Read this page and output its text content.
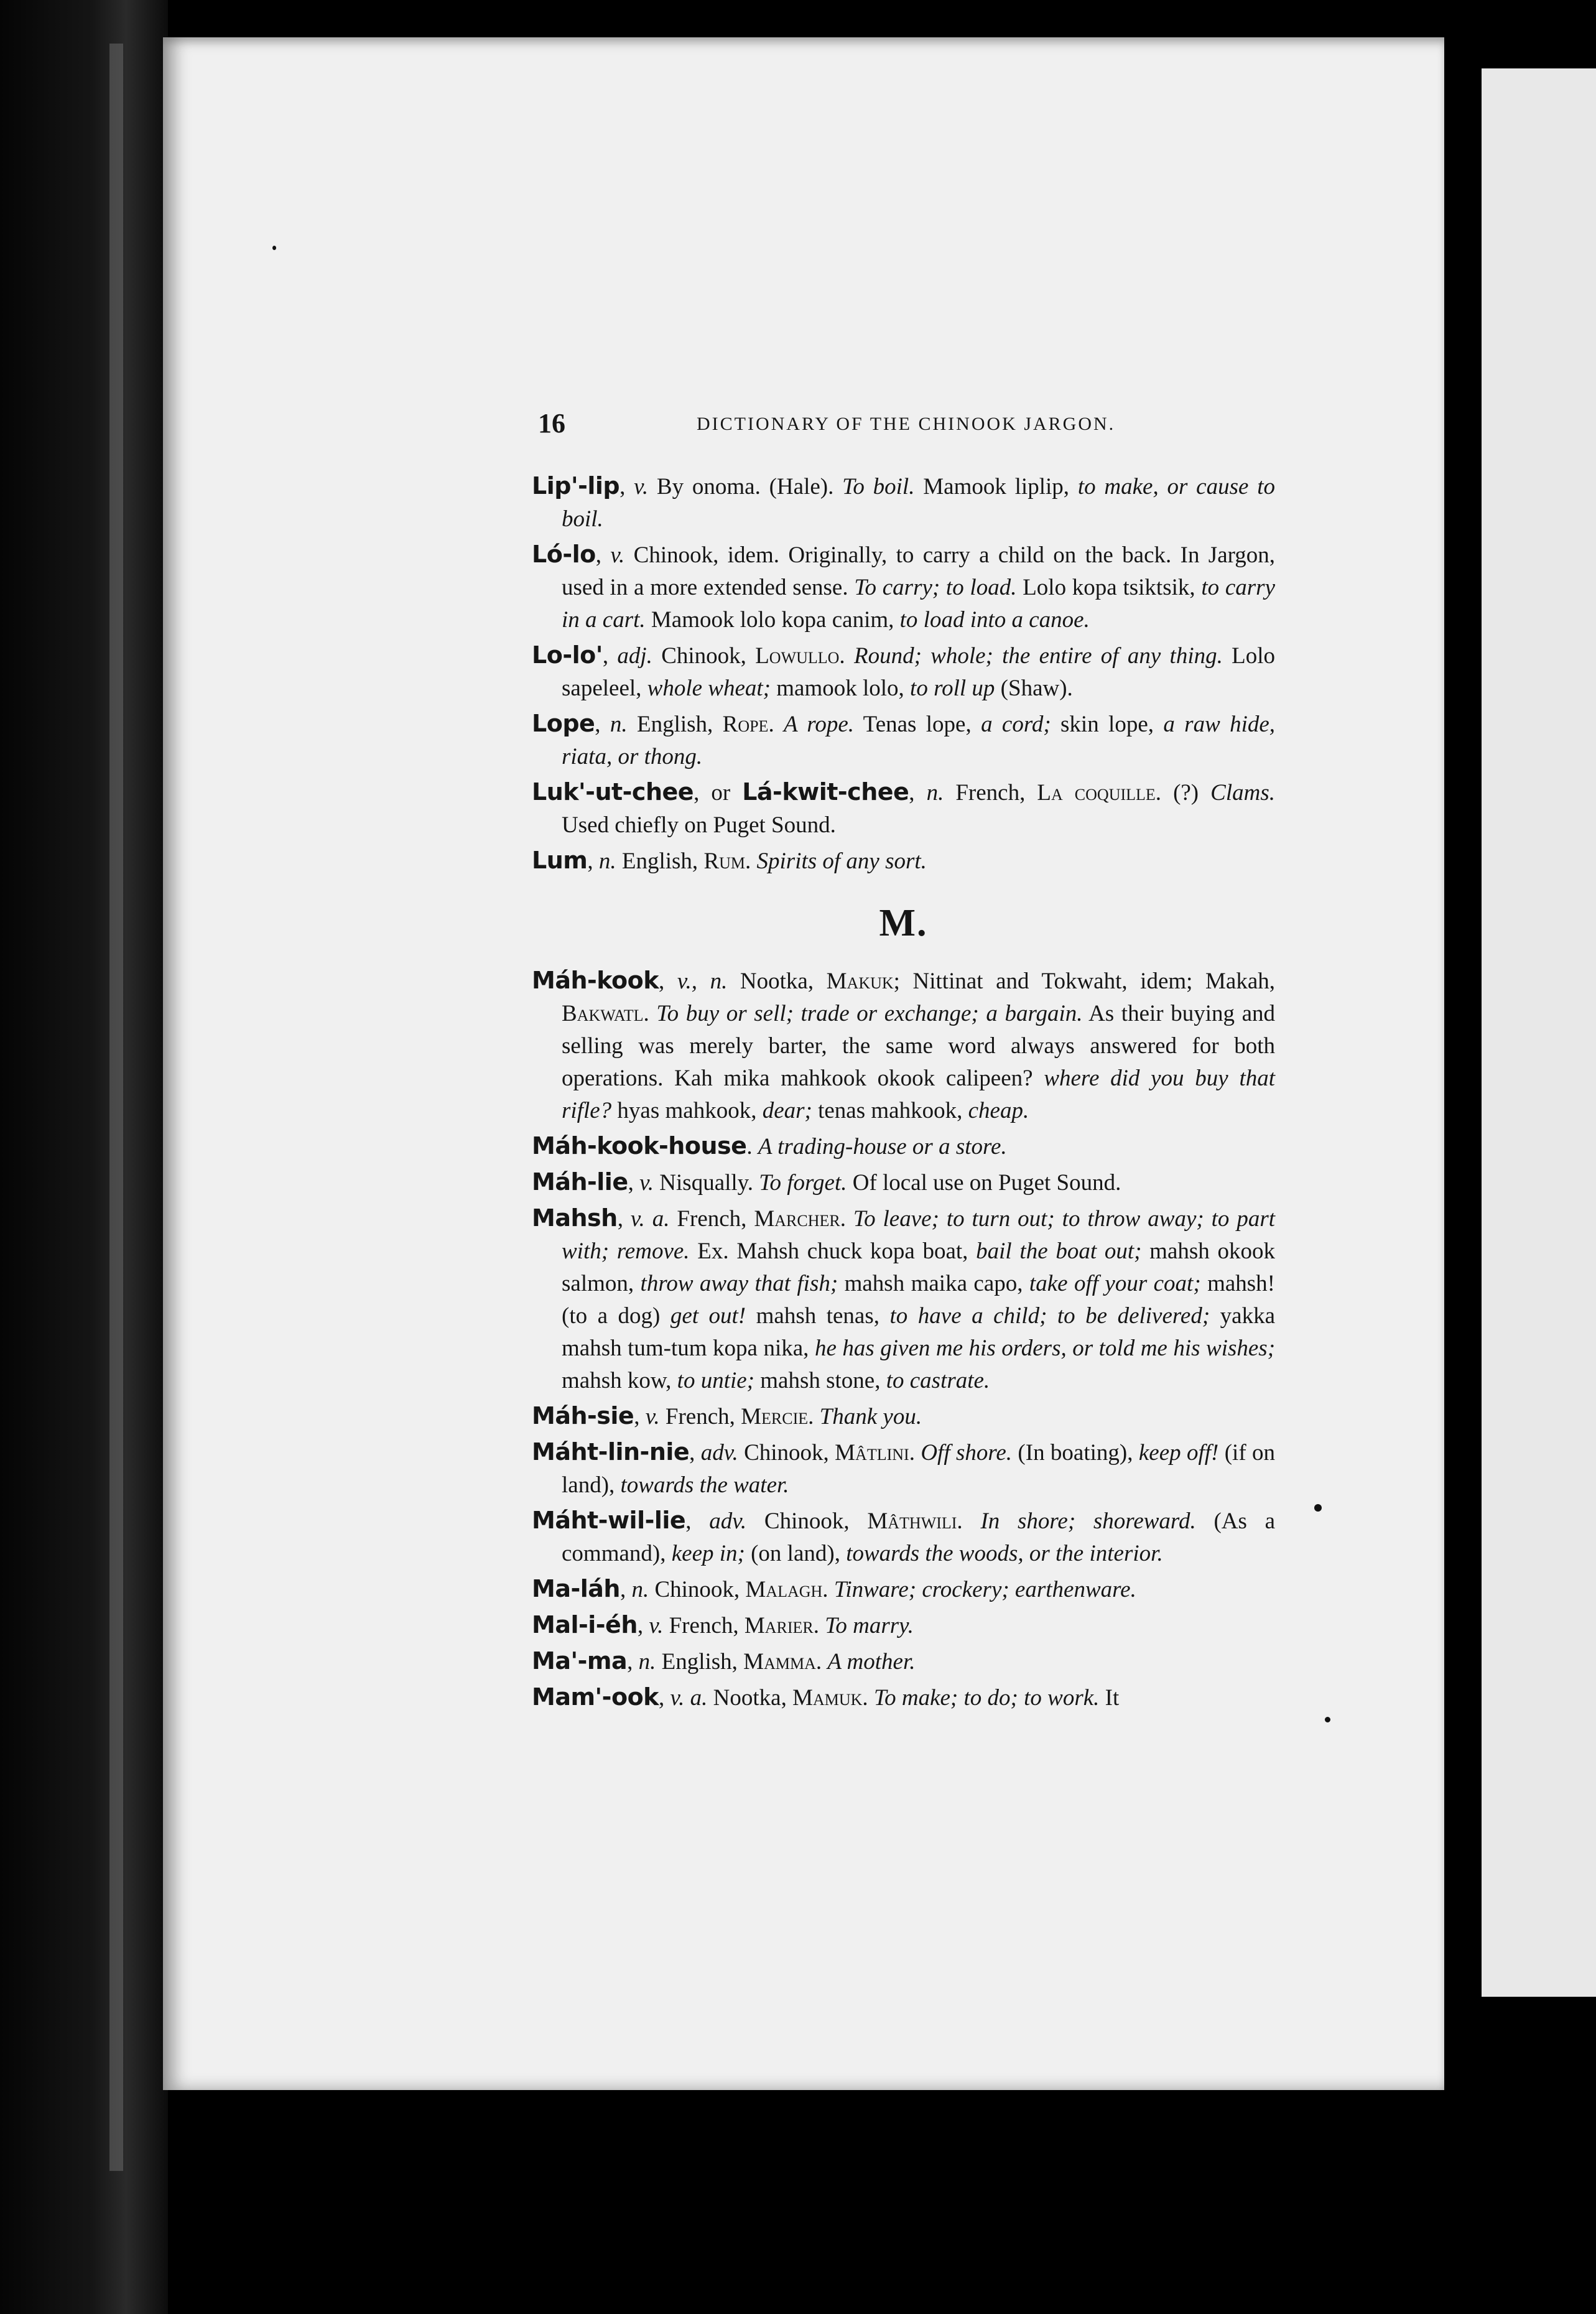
16	DICTIONARY OF THE CHINOOK JARGON.

Lip'-lip, v. By onoma. (Hale). To boil. Mamook liplip, to make, or cause to boil.

Ló-lo, v. Chinook, idem. Originally, to carry a child on the back. In Jargon, used in a more extended sense. To carry; to load. Lolo kopa tsiktsik, to carry in a cart. Mamook lolo kopa canim, to load into a canoe.

Lo-lo', adj. Chinook, Lowullo. Round; whole; the entire of any thing. Lolo sapeleel, whole wheat; mamook lolo, to roll up (Shaw).

Lope, n. English, Rope. A rope. Tenas lope, a cord; skin lope, a raw hide, riata, or thong.

Luk'-ut-chee, or Lá-kwit-chee, n. French, La coquille. (?) Clams. Used chiefly on Puget Sound.

Lum, n. English, Rum. Spirits of any sort.

M.

Máh-kook, v., n. Nootka, Makuk; Nittinat and Tokwaht, idem; Makah, Bakwatl. To buy or sell; trade or exchange; a bargain. As their buying and selling was merely barter, the same word always answered for both operations. Kah mika mahkook okook calipeen? where did you buy that rifle? hyas mahkook, dear; tenas mahkook, cheap.

Máh-kook-house. A trading-house or a store.

Máh-lie, v. Nisqually. To forget. Of local use on Puget Sound.

Mahsh, v. a. French, Marcher. To leave; to turn out; to throw away; to part with; remove. Ex. Mahsh chuck kopa boat, bail the boat out; mahsh okook salmon, throw away that fish; mahsh maika capo, take off your coat; mahsh! (to a dog) get out! mahsh tenas, to have a child; to be delivered; yakka mahsh tum-tum kopa nika, he has given me his orders, or told me his wishes; mahsh kow, to untie; mahsh stone, to castrate.

Máh-sie, v. French, Mercie. Thank you.

Máht-lin-nie, adv. Chinook, Mâtlini. Off shore. (In boating), keep off! (if on land), towards the water.

Máht-wil-lie, adv. Chinook, Mâthwili. In shore; shoreward. (As a command), keep in; (on land), towards the woods, or the interior.

Ma-láh, n. Chinook, Malagh. Tinware; crockery; earthenware.

Mal-i-éh, v. French, Marier. To marry.

Ma'-ma, n. English, Mamma. A mother.

Mam'-ook, v. a. Nootka, Mamuk. To make; to do; to work. It
